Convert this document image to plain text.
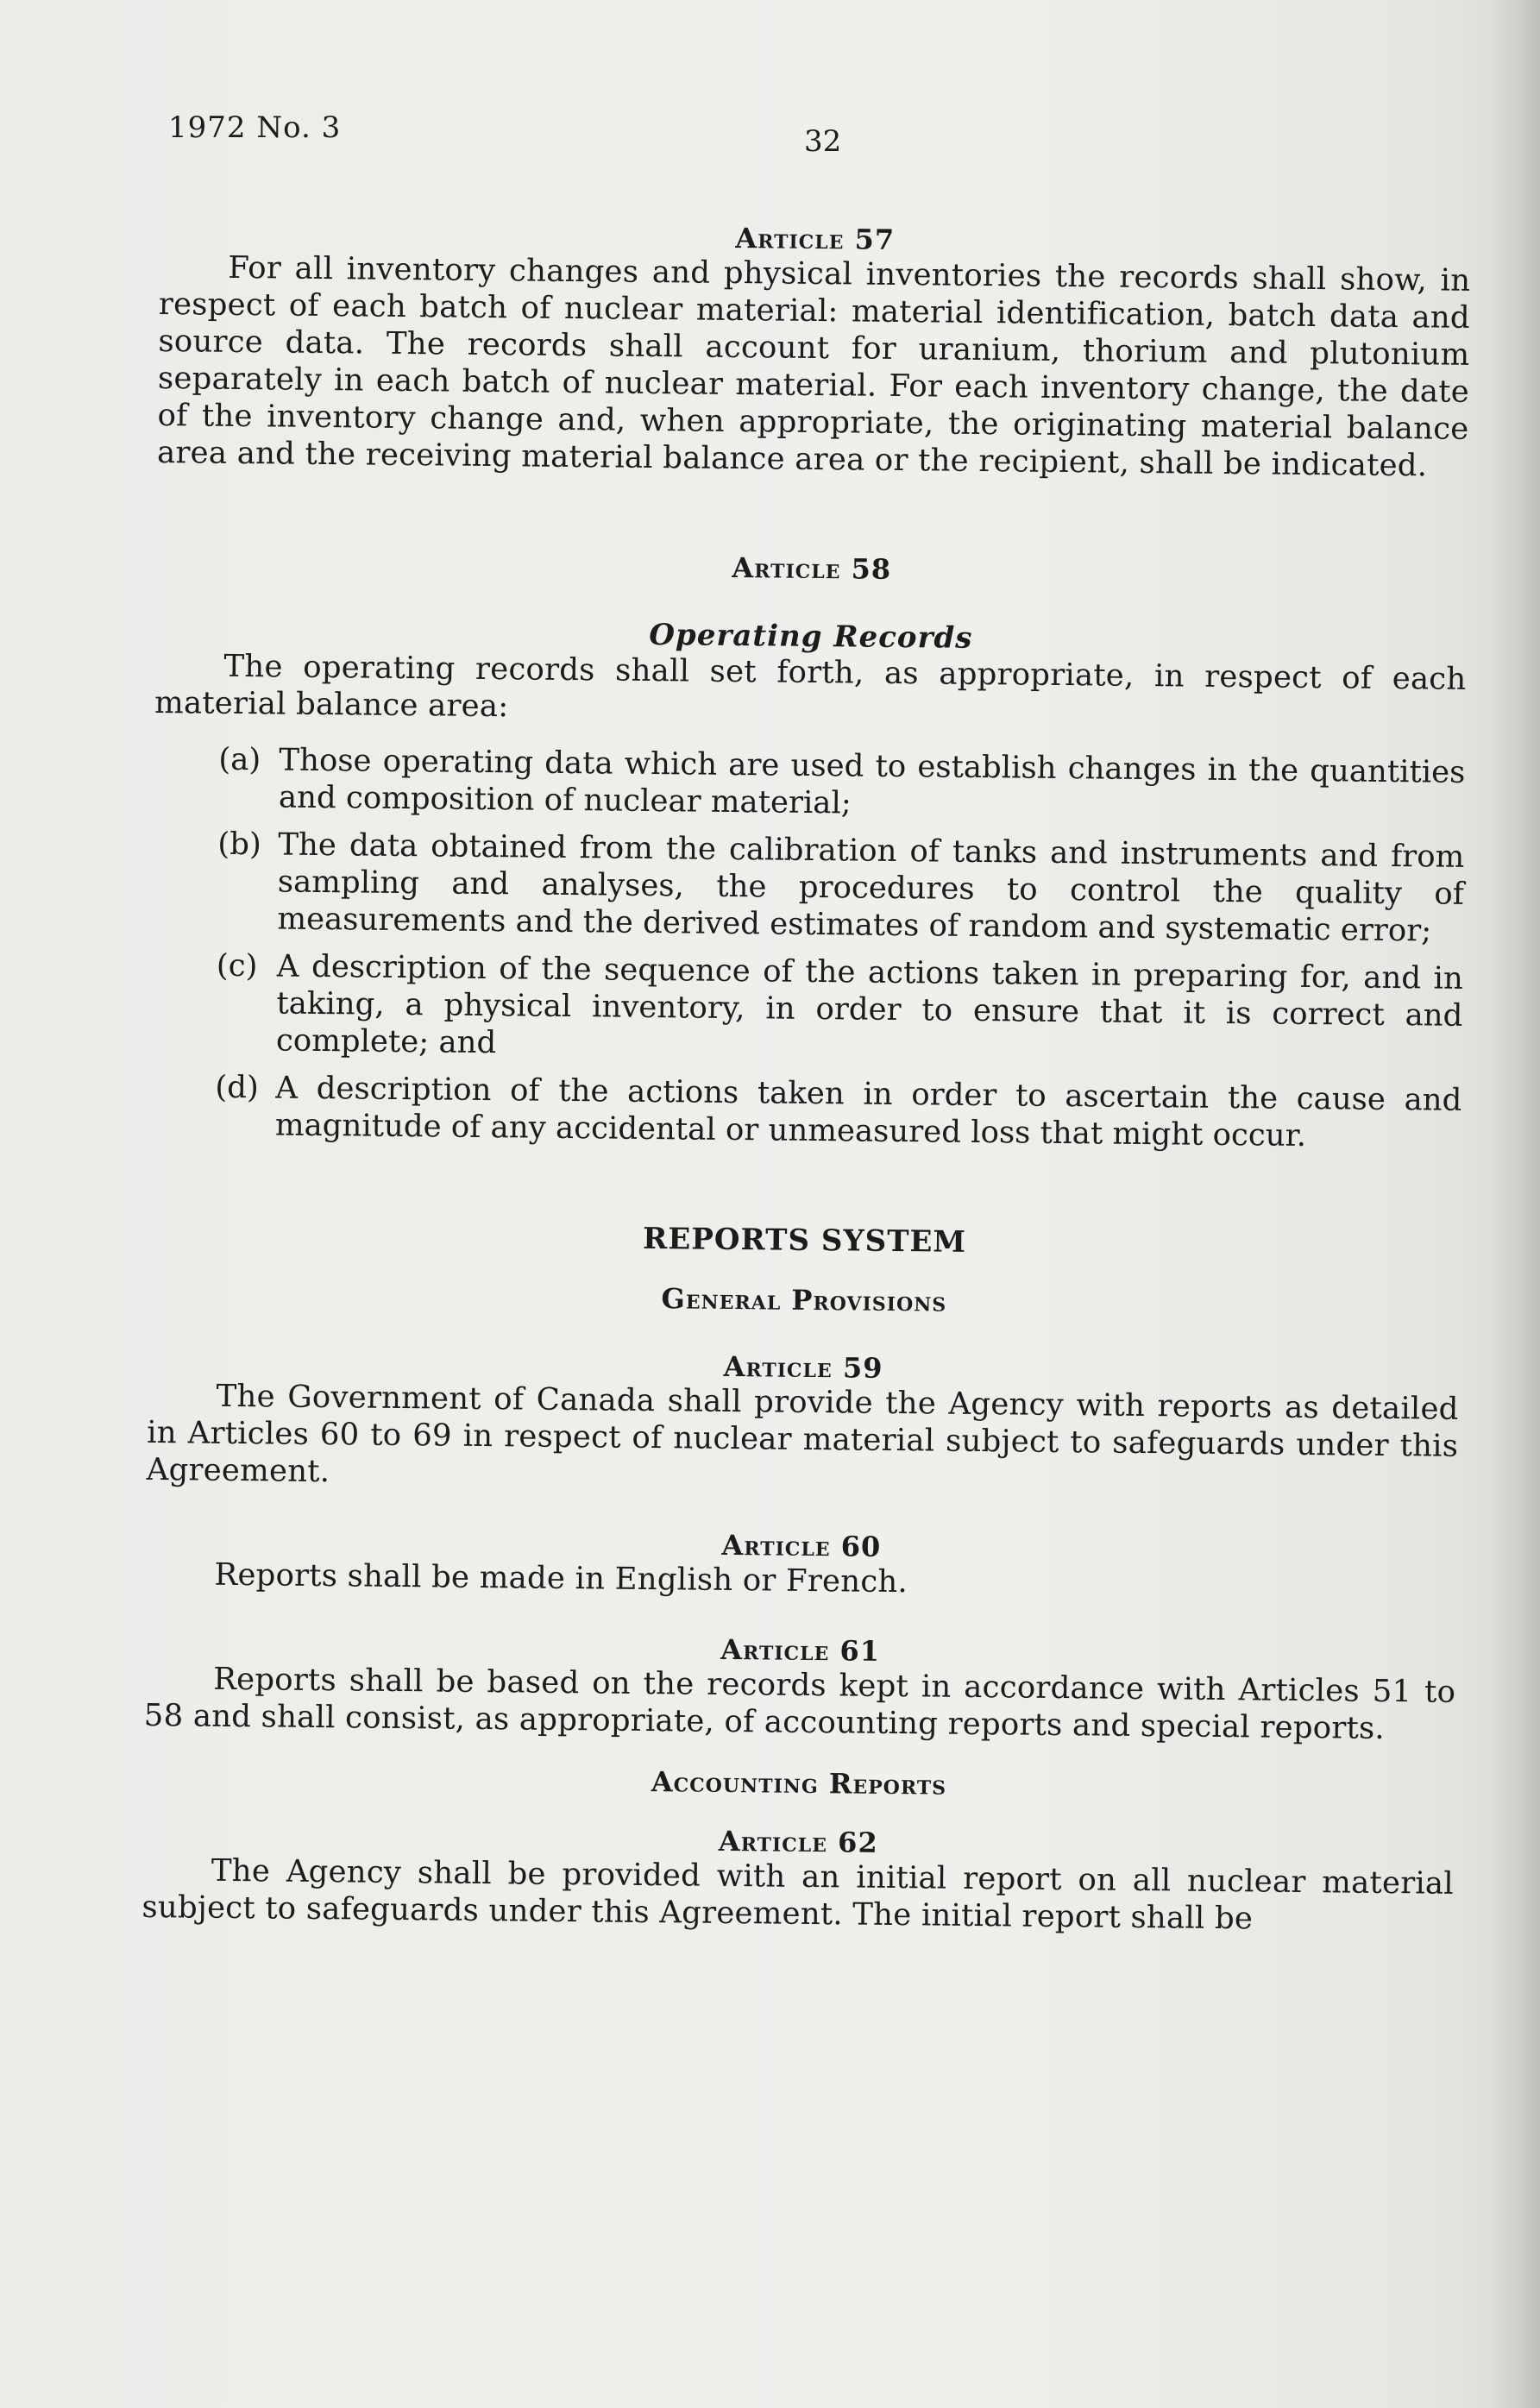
1972 No. 3	32
Article 57

For all inventory changes and physical inventories the records shall show, in respect of each batch of nuclear material: material identification, batch data and source data. The records shall account for uranium, thorium and plutonium separately in each batch of nuclear material. For each inventory change, the date of the inventory change and, when appropriate, the originating material balance area and the receiving material balance area or the recipient, shall be indicated.

Article 58
Operating Records

The operating records shall set forth, as appropriate, in respect of each material balance area:

(a) Those operating data which are used to establish changes in the quantities and composition of nuclear material;
(b) The data obtained from the calibration of tanks and instruments and from sampling and analyses, the procedures to control the quality of measurements and the derived estimates of random and systematic error;
(c) A description of the sequence of the actions taken in preparing for, and in taking, a physical inventory, in order to ensure that it is correct and complete; and
(d) A description of the actions taken in order to ascertain the cause and magnitude of any accidental or unmeasured loss that might occur.
REPORTS SYSTEM
General Provisions
Article 59

The Government of Canada shall provide the Agency with reports as detailed in Articles 60 to 69 in respect of nuclear material subject to safeguards under this Agreement.

Article 60

Reports shall be made in English or French.

Article 61

Reports shall be based on the records kept in accordance with Articles 51 to 58 and shall consist, as appropriate, of accounting reports and special reports.

Accounting Reports
Article 62

The Agency shall be provided with an initial report on all nuclear material subject to safeguards under this Agreement. The initial report shall be
